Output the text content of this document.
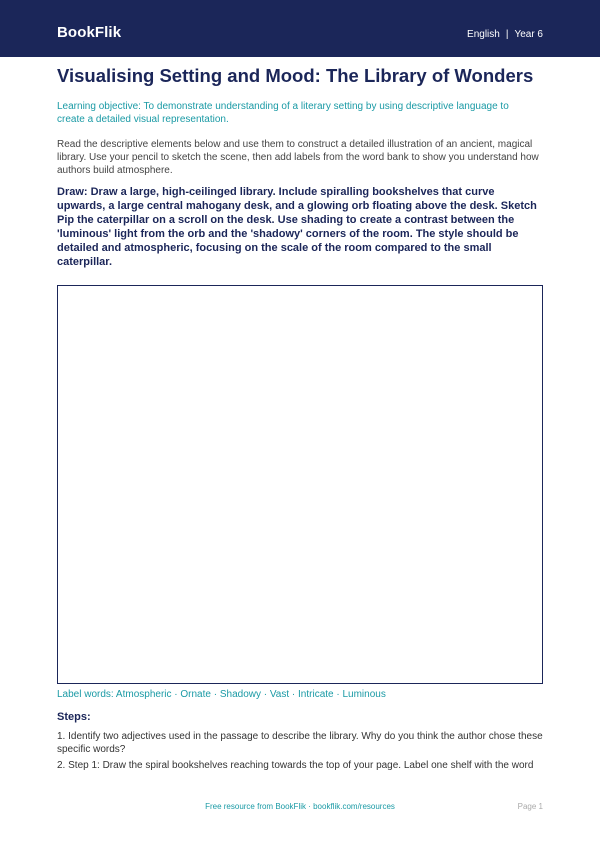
BookFlik	English | Year 6
Visualising Setting and Mood: The Library of Wonders

Learning objective: To demonstrate understanding of a literary setting by using descriptive language to create a detailed visual representation.

Read the descriptive elements below and use them to construct a detailed illustration of an ancient, magical library. Use your pencil to sketch the scene, then add labels from the word bank to show you understand how authors build atmosphere.

Draw: Draw a large, high-ceilinged library. Include spiralling bookshelves that curve upwards, a large central mahogany desk, and a glowing orb floating above the desk. Sketch Pip the caterpillar on a scroll on the desk. Use shading to create a contrast between the 'luminous' light from the orb and the 'shadowy' corners of the room. The style should be detailed and atmospheric, focusing on the scale of the room compared to the small caterpillar.

Label words: Atmospheric · Ornate · Shadowy · Vast · Intricate · Luminous
Steps:
1. Identify two adjectives used in the passage to describe the library. Why do you think the author chose these specific words?
2. Step 1: Draw the spiral bookshelves reaching towards the top of your page. Label one shelf with the word
Free resource from BookFlik · bookflik.com/resources	Page 1
